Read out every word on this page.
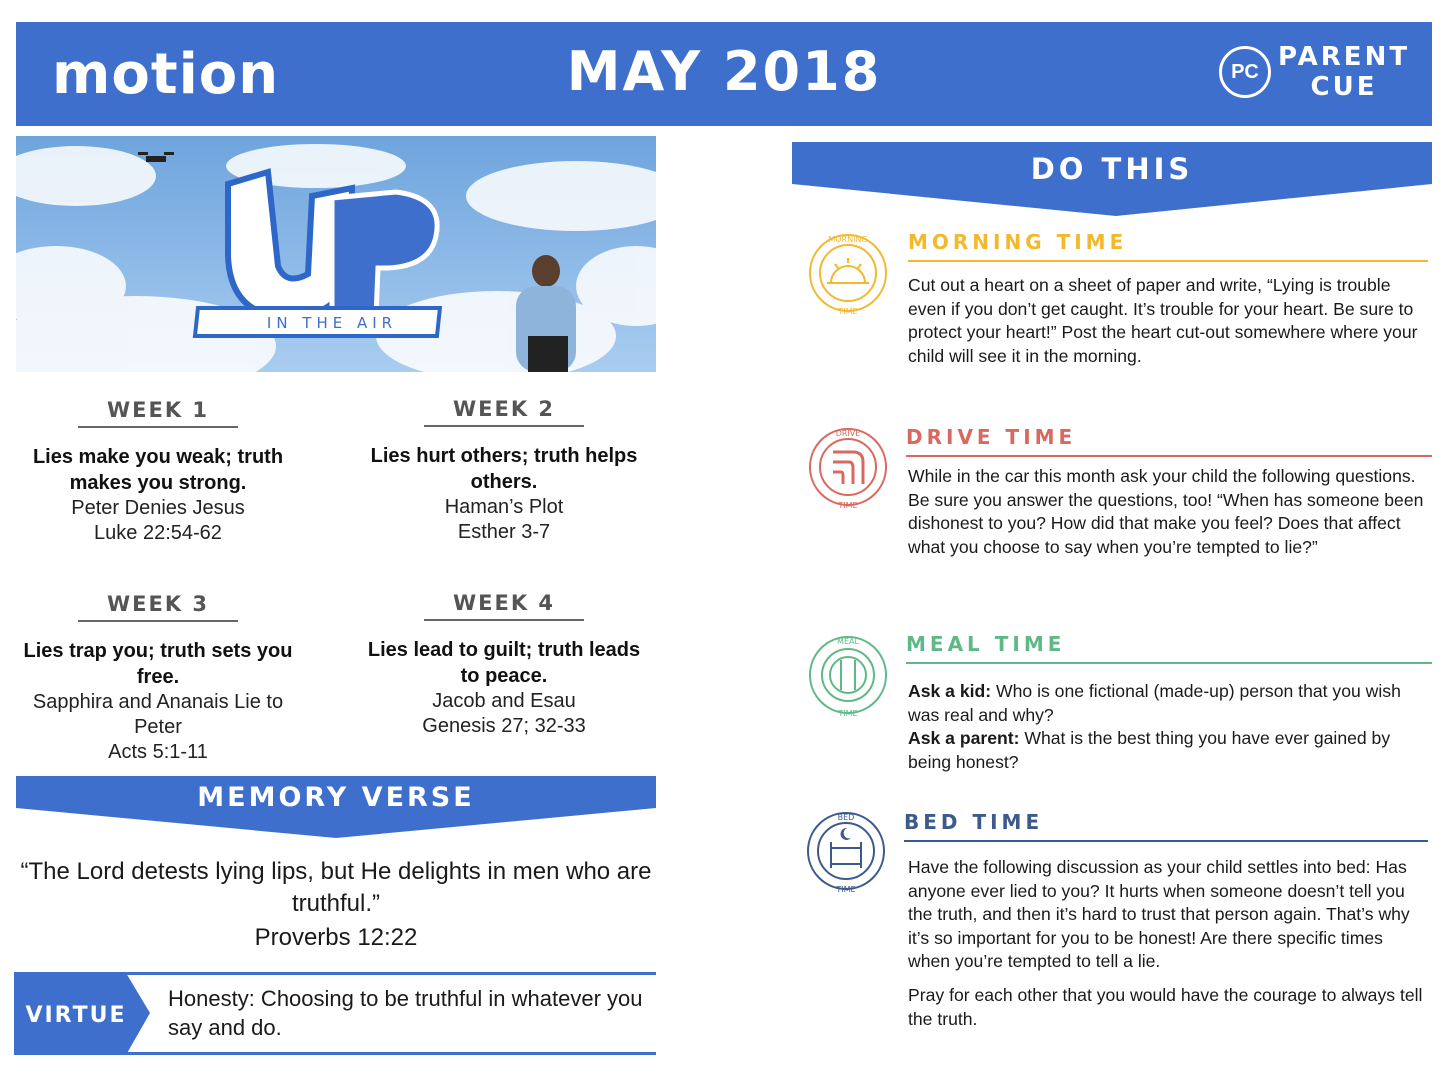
motion	MAY 2018	PC PARENT
CUE
IN THE AIR
WEEK 1
Lies make you weak; truth makes you strong.
Peter Denies Jesus
Luke 22:54-62
WEEK 2
Lies hurt others; truth helps others.
Haman’s Plot
Esther 3-7
WEEK 3
Lies trap you; truth sets you free.
Sapphira and Ananais Lie to Peter
Acts 5:1-11
WEEK 4
Lies lead to guilt; truth leads to peace.
Jacob and Esau
Genesis 27; 32-33
MEMORY VERSE
“The Lord detests lying lips, but He delights in men who are truthful.”
Proverbs 12:22
VIRTUE
Honesty: Choosing to be truthful in whatever you say and do.
DO THIS
MORNING
TIME
MORNING TIME
Cut out a heart on a sheet of paper and write, “Lying is trouble even if you don’t get caught. It’s trouble for your heart. Be sure to protect your heart!” Post the heart cut-out somewhere where your child will see it in the morning.
DRIVE
TIME
DRIVE TIME
While in the car this month ask your child the following questions. Be sure you answer the questions, too! “When has someone been dishonest to you? How did that make you feel? Does that affect what you choose to say when you’re tempted to lie?”
MEAL
TIME
MEAL TIME

Ask a kid: Who is one fictional (made-up) person that you wish was real and why?

Ask a parent: What is the best thing you have ever gained by being honest?

BED
TIME
BED TIME

Have the following discussion as your child settles into bed: Has anyone ever lied to you? It hurts when someone doesn’t tell you the truth, and then it’s hard to trust that person again. That’s why it’s so important for you to be honest! Are there specific times when you’re tempted to tell a lie.

Pray for each other that you would have the courage to always tell the truth.
